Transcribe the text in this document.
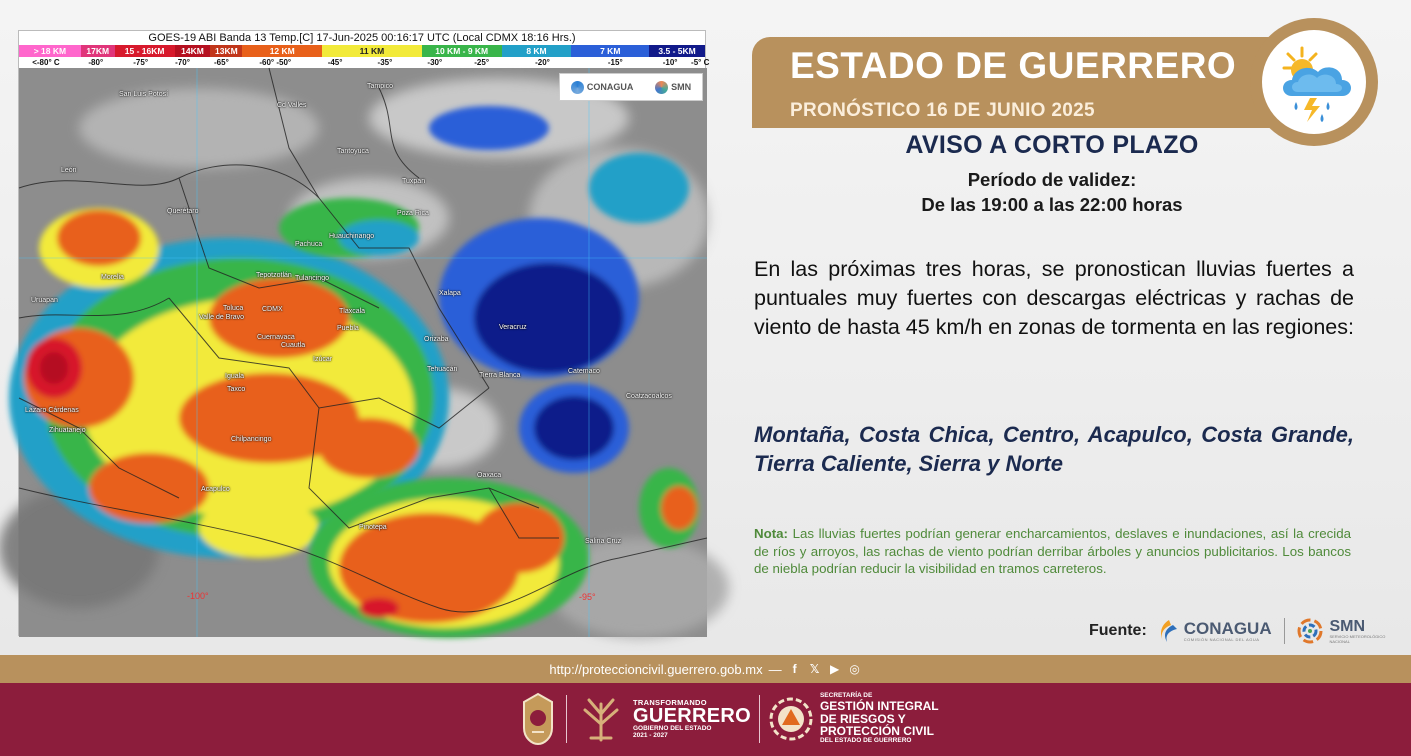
GOES-19 ABI Banda 13 Temp.[C] 17-Jun-2025 00:16:17 UTC (Local CDMX 18:16 Hrs.)
> 18 KM	17KM	15 - 16KM	14KM	13KM	12 KM	11 KM	10 KM - 9 KM	8 KM	7 KM	3.5 - 5KM
<-80° C	-80°	-75°	-70°	-65°	-60° -50°	-45°	-35°	-30°	-25°	-20°	-15°	-10°	-5° C
San Luis Potosí
Cd Valles
Tampico
León
Tantoyuca
Querétaro
Tuxpan
Poza Rica
Huauchinango
Pachuca
Morelia	Tepotzotlán Tulancingo
Xalapa
Uruapan
Toluca	CDMX	Tlaxcala
Puebla	Veracruz
Valle de Bravo
Cuernavaca
Cuautla
Orizaba
Izúcar
Tehuacán
Tierra Blanca
Catemaco
Taxco
Iguala
Coatzacoalcos
Lázaro Cárdenas
Chilpancingo
Zihuatanejo
Acapulco
Oaxaca
Pinotepa
Salina Cruz
-100°	-95°
CONAGUA	SMN
ESTADO DE GUERRERO
PRONÓSTICO 16 DE JUNIO 2025
AVISO A CORTO PLAZO
Período de validez:
De las 19:00 a las 22:00 horas
En las próximas tres horas, se pronostican lluvias fuertes a puntuales muy fuertes con descargas eléctricas y rachas de viento de hasta 45 km/h en zonas de tormenta en las regiones:
Montaña, Costa Chica, Centro, Acapulco, Costa Grande, Tierra Caliente, Sierra y Norte
Nota: Las lluvias fuertes podrían generar encharcamientos, deslaves e inundaciones, así la crecida de ríos y arroyos, las rachas de viento podrían derribar árboles y anuncios publicitarios. Los bancos de niebla podrían reducir la visibilidad en tramos carreteros.
Fuente: CONAGUA
COMISIÓN NACIONAL DEL AGUA
SMN
SERVICIO METEOROLÓGICO NACIONAL
http://proteccioncivil.guerrero.gob.mx — f	𝕏 ▶ ◎
TRANSFORMANDO
GUERRERO
GOBIERNO DEL ESTADO
2021 - 2027
SECRETARÍA DE
GESTIÓN INTEGRAL
DE RIESGOS Y
PROTECCIÓN CIVIL
DEL ESTADO DE GUERRERO
